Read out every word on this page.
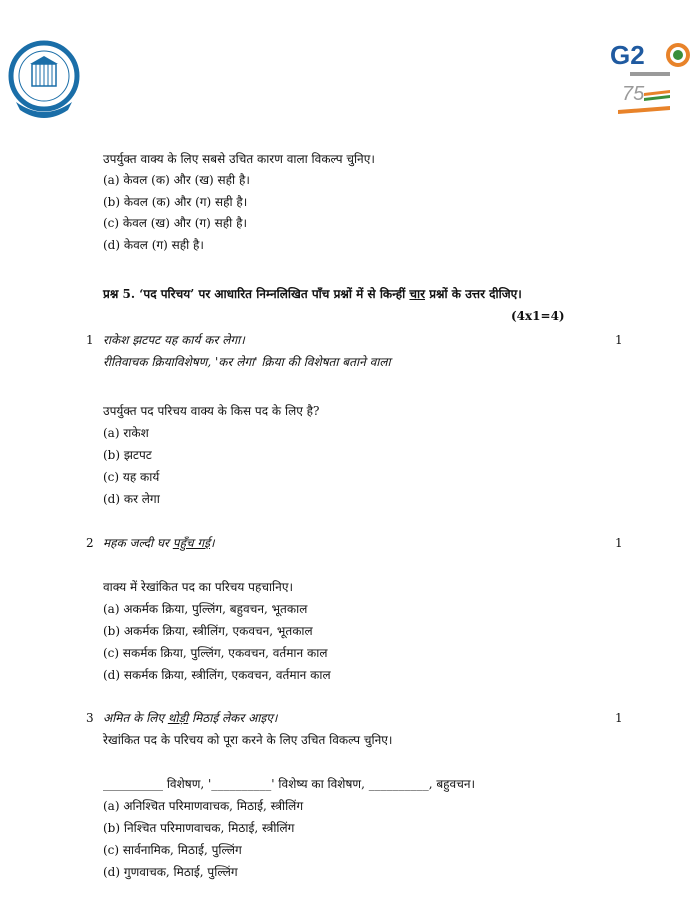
G2
75
उपर्युक्त वाक्य के लिए सबसे उचित कारण वाला विकल्प चुनिए।
(a) केवल (क) और (ख) सही है।
(b) केवल (क) और (ग) सही है।
(c) केवल (ख) और (ग) सही है।
(d) केवल (ग) सही है।
प्रश्न 5. ‘पद परिचय’ पर आधारित निम्नलिखित पाँच प्रश्नों में से किन्हीं चार प्रश्नों के उत्तर दीजिए।
(4x1=4)
1	1
राकेश झटपट यह कार्य कर लेगा।
रीतिवाचक क्रियाविशेषण, 'कर लेगा' क्रिया की विशेषता बताने वाला
उपर्युक्त पद परिचय वाक्य के किस पद के लिए है?
(a) राकेश
(b) झटपट
(c) यह कार्य
(d) कर लेगा
2	1
महक जल्दी घर पहुँच गई।
वाक्य में रेखांकित पद का परिचय पहचानिए।
(a) अकर्मक क्रिया, पुल्लिंग, बहुवचन, भूतकाल
(b) अकर्मक क्रिया, स्त्रीलिंग, एकवचन, भूतकाल
(c) सकर्मक क्रिया, पुल्लिंग, एकवचन, वर्तमान काल
(d) सकर्मक क्रिया, स्त्रीलिंग, एकवचन, वर्तमान काल
3	1
अमित के लिए थोड़ी मिठाई लेकर आइए।
रेखांकित पद के परिचय को पूरा करने के लिए उचित विकल्प चुनिए।
__________ विशेषण, '__________' विशेष्य का विशेषण, __________, बहुवचन।
(a) अनिश्चित परिमाणवाचक, मिठाई, स्त्रीलिंग
(b) निश्चित परिमाणवाचक, मिठाई, स्त्रीलिंग
(c) सार्वनामिक, मिठाई, पुल्लिंग
(d) गुणवाचक, मिठाई, पुल्लिंग
